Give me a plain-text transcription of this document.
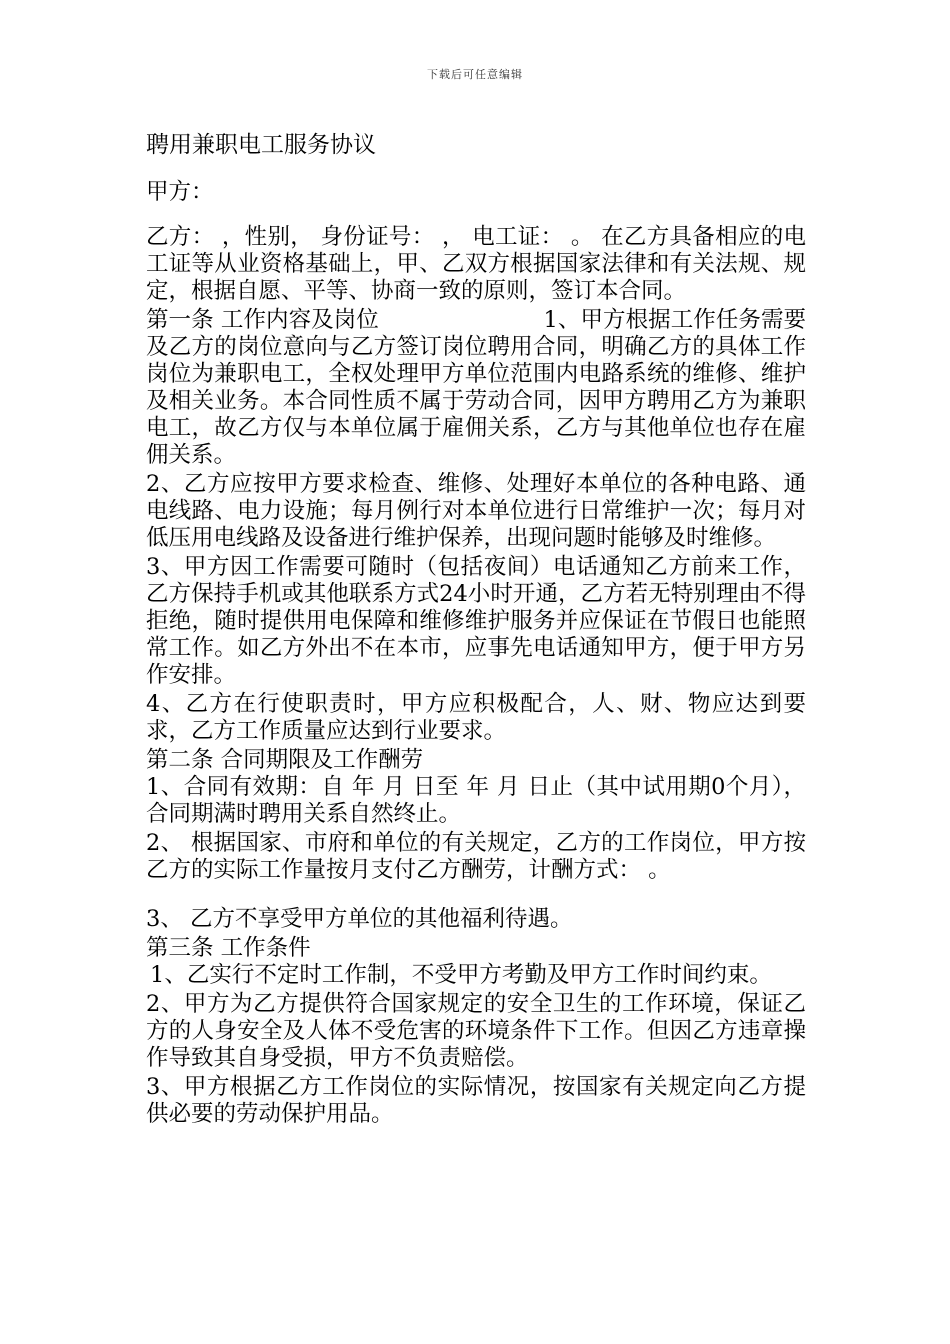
下载后可任意编辑
聘用兼职电工服务协议

甲方：

乙方： ，性别， 身份证号： ， 电工证： 。 在乙方具备相应的电工证等从业资格基础上，甲、乙双方根据国家法律和有关法规、规定，根据自愿、平等、协商一致的原则，签订本合同。

第一条 工作内容及岗位       	1、甲方根据工作任务需要及乙方的岗位意向与乙方签订岗位聘用合同，明确乙方的具体工作岗位为兼职电工，全权处理甲方单位范围内电路系统的维修、维护及相关业务。本合同性质不属于劳动合同，因甲方聘用乙方为兼职电工，故乙方仅与本单位属于雇佣关系，乙方与其他单位也存在雇佣关系。

2、乙方应按甲方要求检查、维修、处理好本单位的各种电路、通电线路、电力设施；每月例行对本单位进行日常维护一次；每月对低压用电线路及设备进行维护保养，出现问题时能够及时维修。

3、甲方因工作需要可随时（包括夜间）电话通知乙方前来工作，乙方保持手机或其他联系方式24小时开通，乙方若无特别理由不得拒绝，随时提供用电保障和维修维护服务并应保证在节假日也能照常工作。如乙方外出不在本市，应事先电话通知甲方，便于甲方另作安排。

4、乙方在行使职责时，甲方应积极配合，人、财、物应达到要求，乙方工作质量应达到行业要求。

第二条 合同期限及工作酬劳

1、合同有效期：自 年 月 日至 年 月 日止（其中试用期0个月），合同期满时聘用关系自然终止。

2、 根据国家、市府和单位的有关规定，乙方的工作岗位，甲方按乙方的实际工作量按月支付乙方酬劳，计酬方式： 。

3、 乙方不享受甲方单位的其他福利待遇。

第三条 工作条件

1、乙实行不定时工作制，不受甲方考勤及甲方工作时间约束。

2、甲方为乙方提供符合国家规定的安全卫生的工作环境，保证乙方的人身安全及人体不受危害的环境条件下工作。但因乙方违章操作导致其自身受损，甲方不负责赔偿。

3、甲方根据乙方工作岗位的实际情况，按国家有关规定向乙方提供必要的劳动保护用品。
